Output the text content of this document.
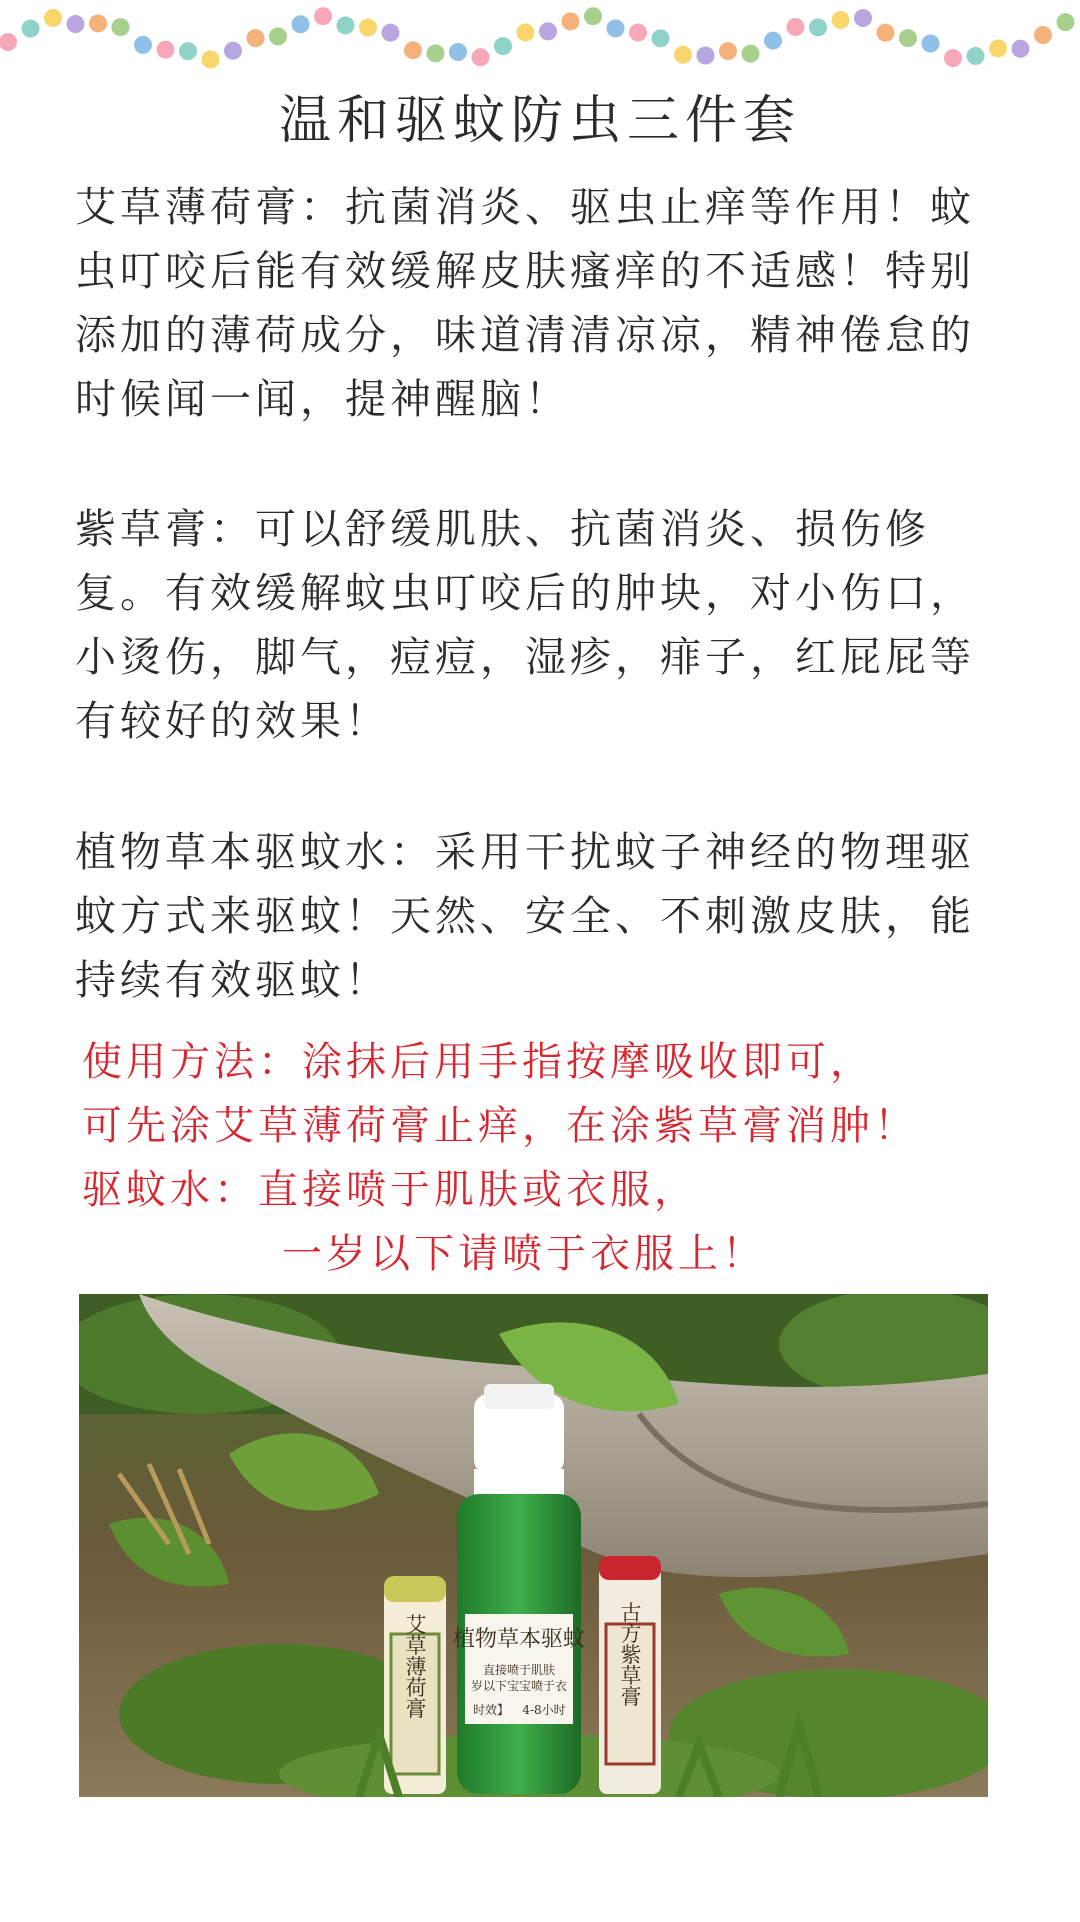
温和驱蚊防虫三件套

艾草薄荷膏：抗菌消炎、驱虫止痒等作用！蚊虫叮咬后能有效缓解皮肤瘙痒的不适感！特别添加的薄荷成分，味道清清凉凉，精神倦怠的时候闻一闻，提神醒脑！

紫草膏：可以舒缓肌肤、抗菌消炎、损伤修复。有效缓解蚊虫叮咬后的肿块，对小伤口，小烫伤，脚气，痘痘，湿疹，痱子，红屁屁等有较好的效果！

植物草本驱蚊水：采用干扰蚊子神经的物理驱蚊方式来驱蚊！天然、安全、不刺激皮肤，能持续有效驱蚊！

使用方法：涂抹后用手指按摩吸收即可，
可先涂艾草薄荷膏止痒，在涂紫草膏消肿！
驱蚊水：直接喷于肌肤或衣服，
一岁以下请喷于衣服上！
艾草薄荷膏 植物草本驱蚊
直接喷于肌肤
岁以下宝宝喷于衣
时效】 4-8小时
古方紫草膏
